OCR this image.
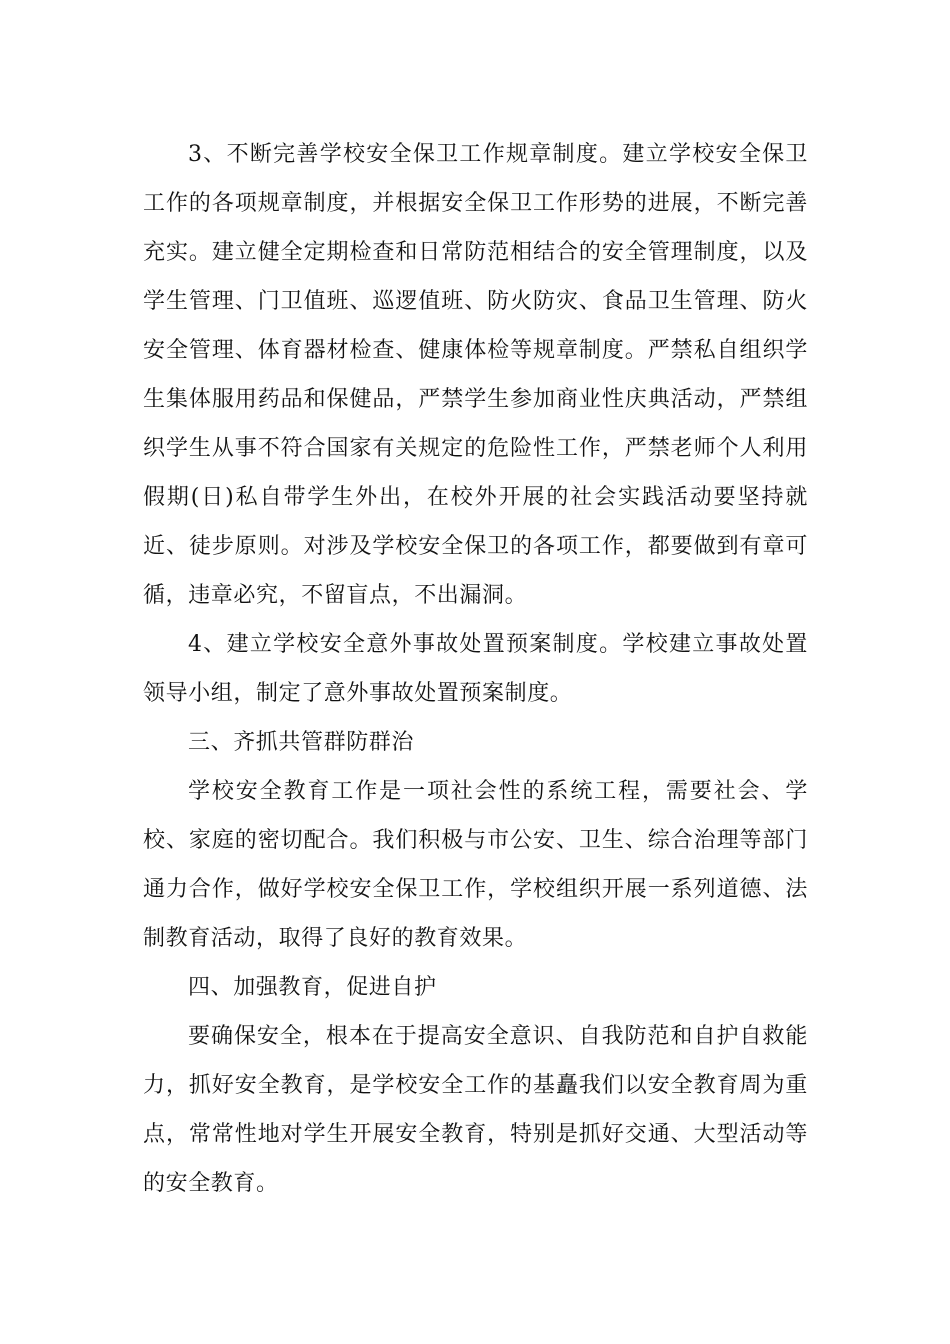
3、不断完善学校安全保卫工作规章制度。建立学校安全保卫工作的各项规章制度，并根据安全保卫工作形势的进展，不断完善充实。建立健全定期检查和日常防范相结合的安全管理制度，以及学生管理、门卫值班、巡逻值班、防火防灾、食品卫生管理、防火安全管理、体育器材检查、健康体检等规章制度。严禁私自组织学生集体服用药品和保健品，严禁学生参加商业性庆典活动，严禁组织学生从事不符合国家有关规定的危险性工作，严禁老师个人利用假期(日)私自带学生外出，在校外开展的社会实践活动要坚持就近、徒步原则。对涉及学校安全保卫的各项工作，都要做到有章可循，违章必究，不留盲点，不出漏洞。

4、建立学校安全意外事故处置预案制度。学校建立事故处置领导小组，制定了意外事故处置预案制度。

三、齐抓共管群防群治

学校安全教育工作是一项社会性的系统工程，需要社会、学校、家庭的密切配合。我们积极与市公安、卫生、综合治理等部门通力合作，做好学校安全保卫工作，学校组织开展一系列道德、法制教育活动，取得了良好的教育效果。

四、加强教育，促进自护

要确保安全，根本在于提高安全意识、自我防范和自护自救能力，抓好安全教育，是学校安全工作的基矗我们以安全教育周为重点，常常性地对学生开展安全教育，特别是抓好交通、大型活动等的安全教育。
